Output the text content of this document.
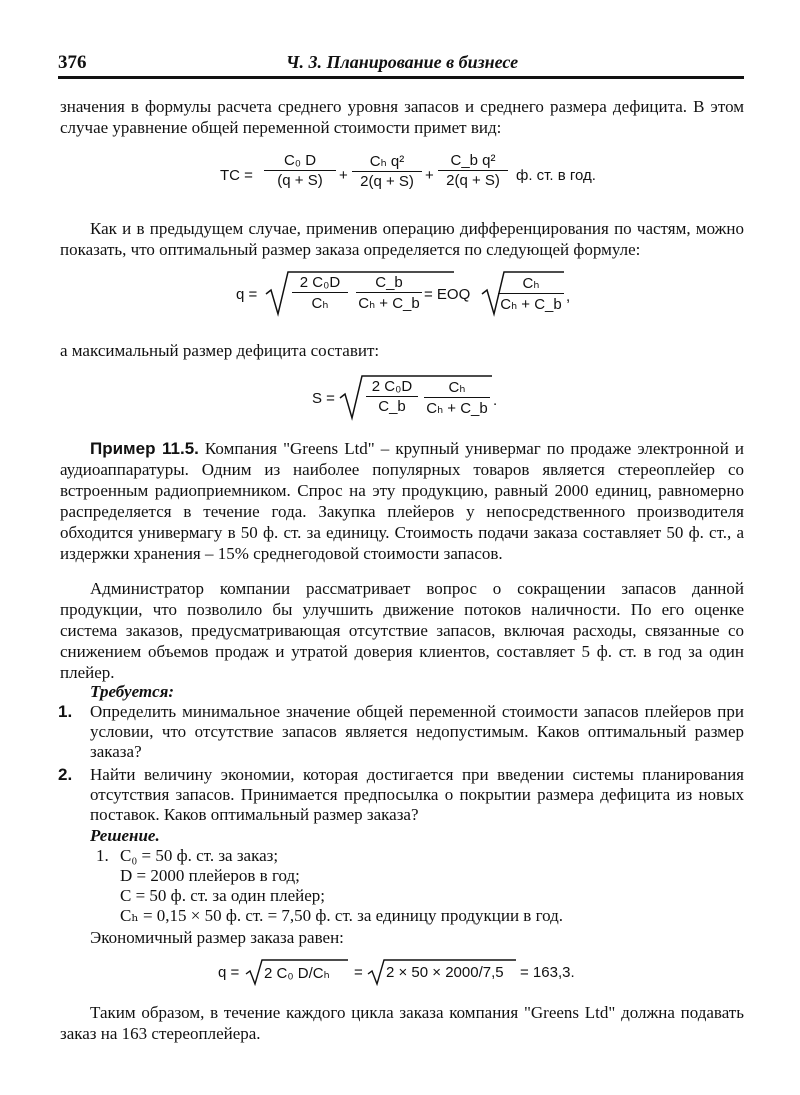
376	Ч. 3. Планирование в бизнесе
значения в формулы расчета среднего уровня запасов и среднего размера дефицита. В этом случае уравнение общей переменной стоимости примет вид:
TC = $\frac{\text{C₀ D}}{(q + S)} + \frac{\text{Cₕ q²}}{2(q + S)} + \frac{\text{C\_b q²}}{2(q + S)} ф$. ст. в год.
Как и в предыдущем случае, применив операцию дифференцирования по частям, можно показать, что оптимальный размер заказа определяется по следующей формуле:
$q = \frac{\text{2 C₀D}}{\text{Cₕ}} \frac{C\_b}{\text{Cₕ + C\_b}}$ = EOQ $\frac{\text{Cₕ}}{\text{Cₕ + C\_b}}$ ,
а максимальный размер дефицита составит:
$S = \frac{\text{2 C₀D}}{C\_b} \frac{\text{Cₕ}}{\text{Cₕ + C\_b}}$ .
Пример 11.5. Компания "Greens Ltd" – крупный универмаг по продаже электронной и аудиоаппаратуры. Одним из наиболее популярных товаров является стереоплейер со встроенным радиоприемником. Спрос на эту продукцию, равный 2000 единиц, равномерно распределяется в течение года. Закупка плейеров у непосредственного производителя обходится универмагу в 50 ф. ст. за единицу. Стоимость подачи заказа составляет 50 ф. ст., а издержки хранения – 15% среднегодовой стоимости запасов.
Администратор компании рассматривает вопрос о сокращении запасов данной продукции, что позволило бы улучшить движение потоков наличности. По его оценке система заказов, предусматривающая отсутствие запасов, включая расходы, связанные со снижением объемов продаж и утратой доверия клиентов, составляет 5 ф. ст. в год за один плейер.
Требуется:
1. Определить минимальное значение общей переменной стоимости запасов плейеров при условии, что отсутствие запасов является недопустимым. Каков оптимальный размер заказа?
2. Найти величину экономии, которая достигается при введении системы планирования отсутствия запасов. Принимается предпосылка о покрытии размера дефицита из новых поставок. Каков оптимальный размер заказа?
Решение.
1. C₀ = 50 ф. ст. за заказ;
D = 2000 плейеров в год;
C = 50 ф. ст. за один плейер;
Cₕ = 0,15 × 50 ф. ст. = 7,50 ф. ст. за единицу продукции в год.
Экономичный размер заказа равен:
q = 2 C₀ D/Cₕ = 2 × 50 × 2000/7,5 = 163,3.
Таким образом, в течение каждого цикла заказа компания "Greens Ltd" должна подавать заказ на 163 стереоплейера.
